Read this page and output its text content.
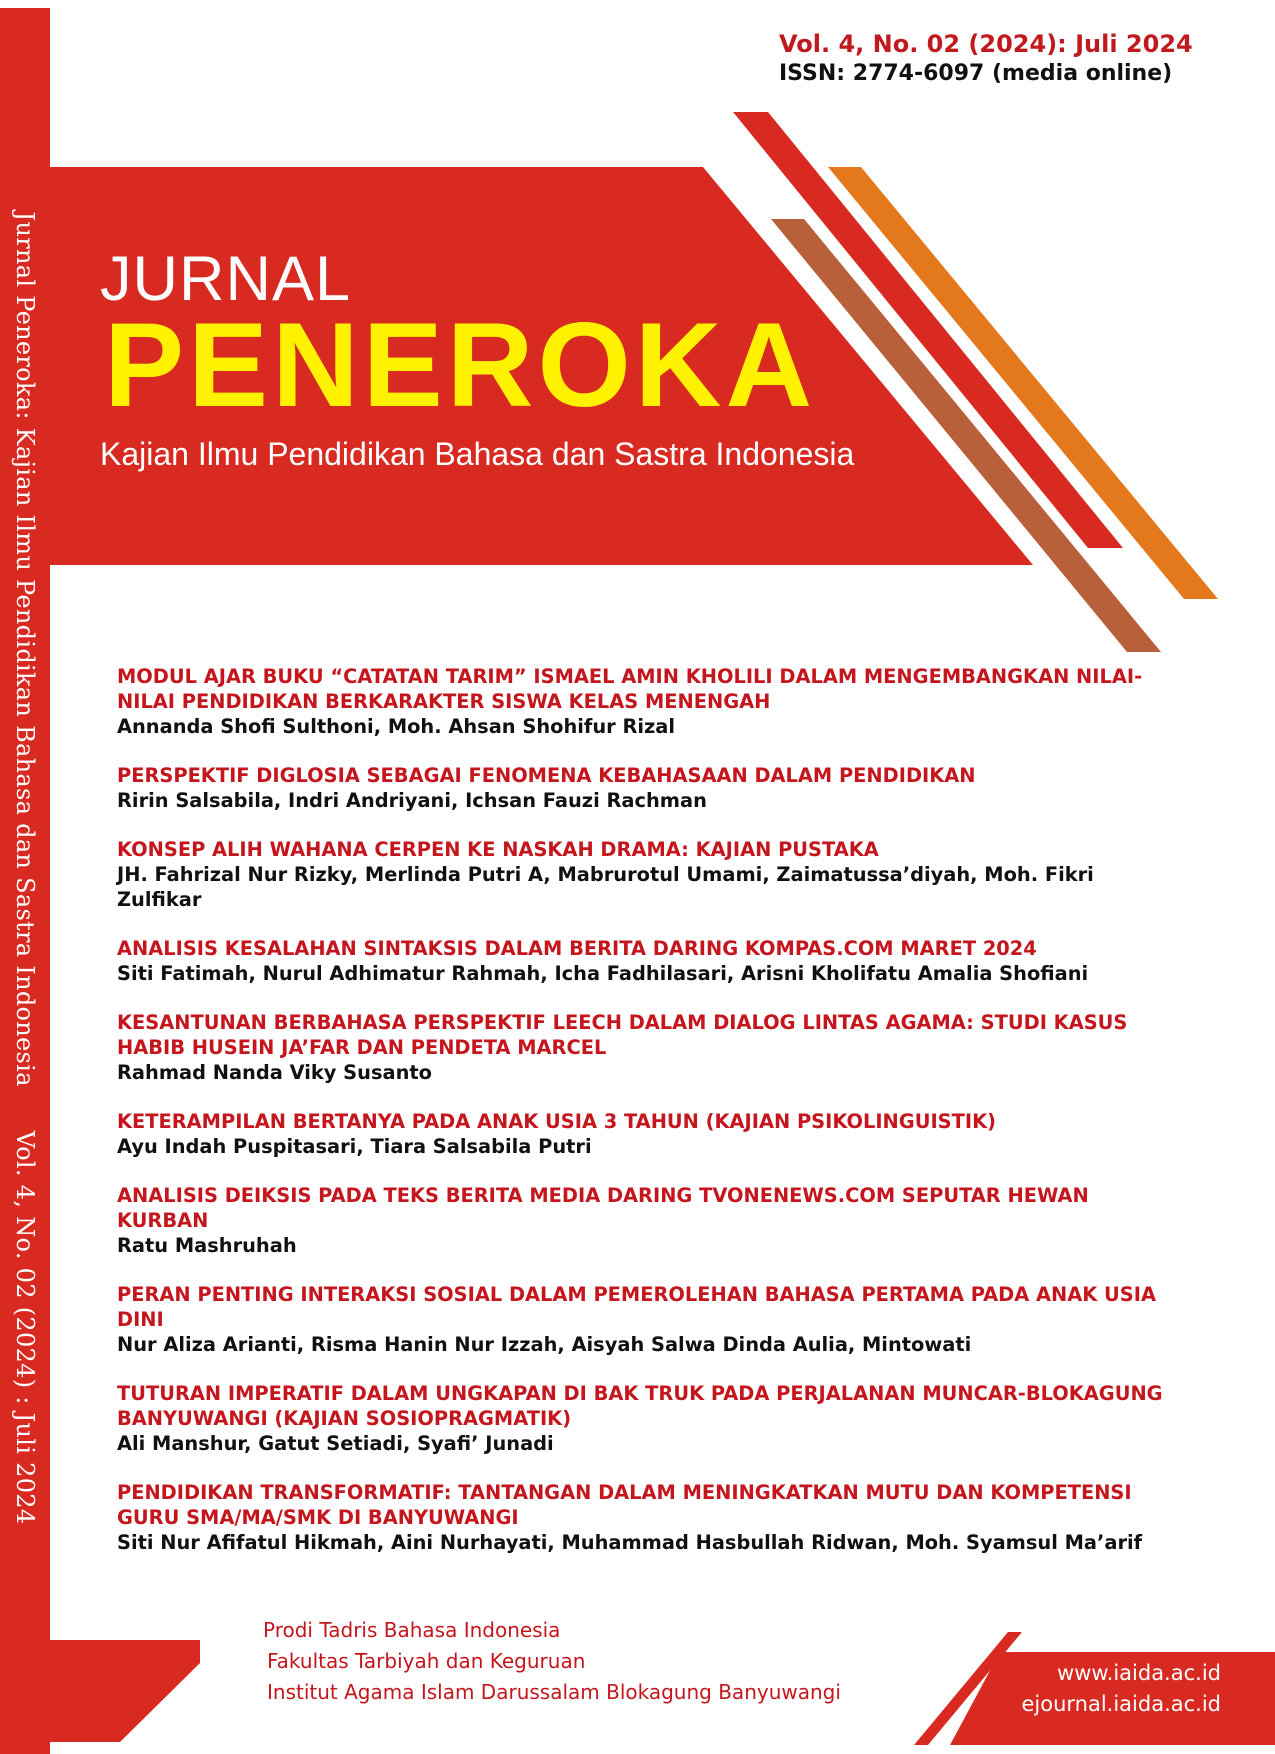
Jurnal Peneroka: Kajian Ilmu Pendidikan Bahasa dan Sastra IndonesiaVol. 4, No. 02 (2024) : Juli 2024
Vol. 4, No. 02 (2024): Juli 2024
ISSN: 2774-6097 (media online)
JURNAL
PENEROKA
Kajian Ilmu Pendidikan Bahasa dan Sastra Indonesia
MODUL AJAR BUKU “CATATAN TARIM” ISMAEL AMIN KHOLILI DALAM MENGEMBANGKAN NILAI-NILAI PENDIDIKAN BERKARAKTER SISWA KELAS MENENGAH
Annanda Shofi Sulthoni, Moh. Ahsan Shohifur Rizal
PERSPEKTIF DIGLOSIA SEBAGAI FENOMENA KEBAHASAAN DALAM PENDIDIKAN
Ririn Salsabila, Indri Andriyani, Ichsan Fauzi Rachman
KONSEP ALIH WAHANA CERPEN KE NASKAH DRAMA: KAJIAN PUSTAKA
JH. Fahrizal Nur Rizky, Merlinda Putri A, Mabrurotul Umami, Zaimatussa’diyah, Moh. Fikri Zulfikar
ANALISIS KESALAHAN SINTAKSIS DALAM BERITA DARING KOMPAS.COM MARET 2024
Siti Fatimah, Nurul Adhimatur Rahmah, Icha Fadhilasari, Arisni Kholifatu Amalia Shofiani
KESANTUNAN BERBAHASA PERSPEKTIF LEECH DALAM DIALOG LINTAS AGAMA: STUDI KASUS HABIB HUSEIN JA’FAR DAN PENDETA MARCEL
Rahmad Nanda Viky Susanto
KETERAMPILAN BERTANYA PADA ANAK USIA 3 TAHUN (KAJIAN PSIKOLINGUISTIK)
Ayu Indah Puspitasari, Tiara Salsabila Putri
ANALISIS DEIKSIS PADA TEKS BERITA MEDIA DARING TVONENEWS.COM SEPUTAR HEWAN KURBAN
Ratu Mashruhah
PERAN PENTING INTERAKSI SOSIAL DALAM PEMEROLEHAN BAHASA PERTAMA PADA ANAK USIA DINI
Nur Aliza Arianti, Risma Hanin Nur Izzah, Aisyah Salwa Dinda Aulia, Mintowati
TUTURAN IMPERATIF DALAM UNGKAPAN DI BAK TRUK PADA PERJALANAN MUNCAR-BLOKAGUNG BANYUWANGI (KAJIAN SOSIOPRAGMATIK)
Ali Manshur, Gatut Setiadi, Syafi’ Junadi
PENDIDIKAN TRANSFORMATIF: TANTANGAN DALAM MENINGKATKAN MUTU DAN KOMPETENSI GURU SMA/MA/SMK DI BANYUWANGI
Siti Nur Afifatul Hikmah, Aini Nurhayati, Muhammad Hasbullah Ridwan, Moh. Syamsul Ma’arif
Prodi Tadris Bahasa Indonesia
Fakultas Tarbiyah dan Keguruan
Institut Agama Islam Darussalam Blokagung Banyuwangi
www.iaida.ac.id
ejournal.iaida.ac.id
